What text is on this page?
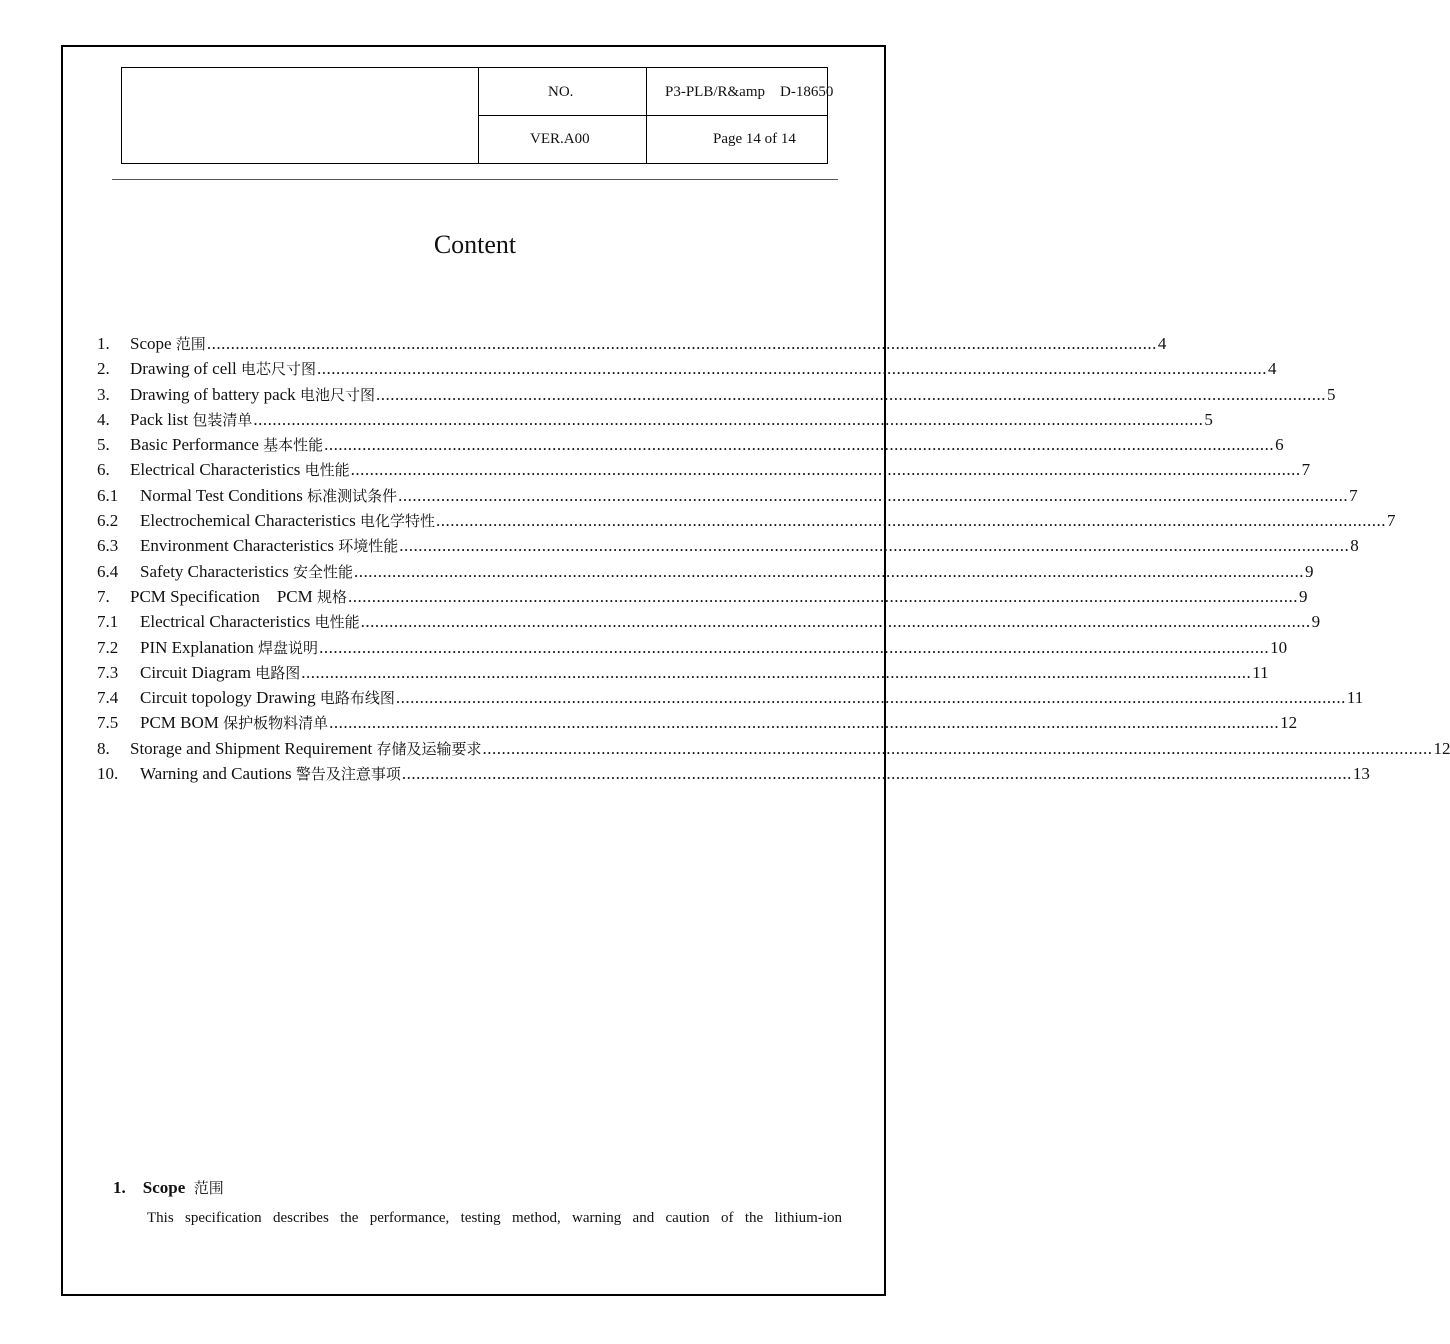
NO.	P3-PLB/R&amp    D-18650
VER.A00	Page 14 of 14
Content
1.	Scope 范围 ........................................................................................................................................................................................................ 4
2.	Drawing of cell 电芯尺寸图 ........................................................................................................................................................................................................ 4
3.	Drawing of battery pack 电池尺寸图 ........................................................................................................................................................................................................ 5
4.	Pack list 包装清单 ........................................................................................................................................................................................................ 5
5.	Basic Performance 基本性能 ........................................................................................................................................................................................................ 6
6.	Electrical Characteristics 电性能 ........................................................................................................................................................................................................ 7
6.1	Normal Test Conditions 标准测试条件 ........................................................................................................................................................................................................ 7
6.2	Electrochemical Characteristics 电化学特性 ........................................................................................................................................................................................................ 7
6.3	Environment Characteristics 环境性能 ........................................................................................................................................................................................................ 8
6.4	Safety Characteristics 安全性能 ........................................................................................................................................................................................................ 9
7.	PCM Specification    PCM 规格 ........................................................................................................................................................................................................ 9
7.1	Electrical Characteristics 电性能 ........................................................................................................................................................................................................ 9
7.2	PIN Explanation 焊盘说明 ........................................................................................................................................................................................................ 10
7.3	Circuit Diagram 电路图 ........................................................................................................................................................................................................ 11
7.4	Circuit topology Drawing 电路布线图 ........................................................................................................................................................................................................ 11
7.5	PCM BOM 保护板物料清单 ........................................................................................................................................................................................................ 12
8.	Storage and Shipment Requirement 存储及运输要求 ........................................................................................................................................................................................................ 12
10.	Warning and Cautions 警告及注意事项 ........................................................................................................................................................................................................ 13
1. Scope 范围
This specification describes the performance, testing method, warning and caution of the lithium-ion
